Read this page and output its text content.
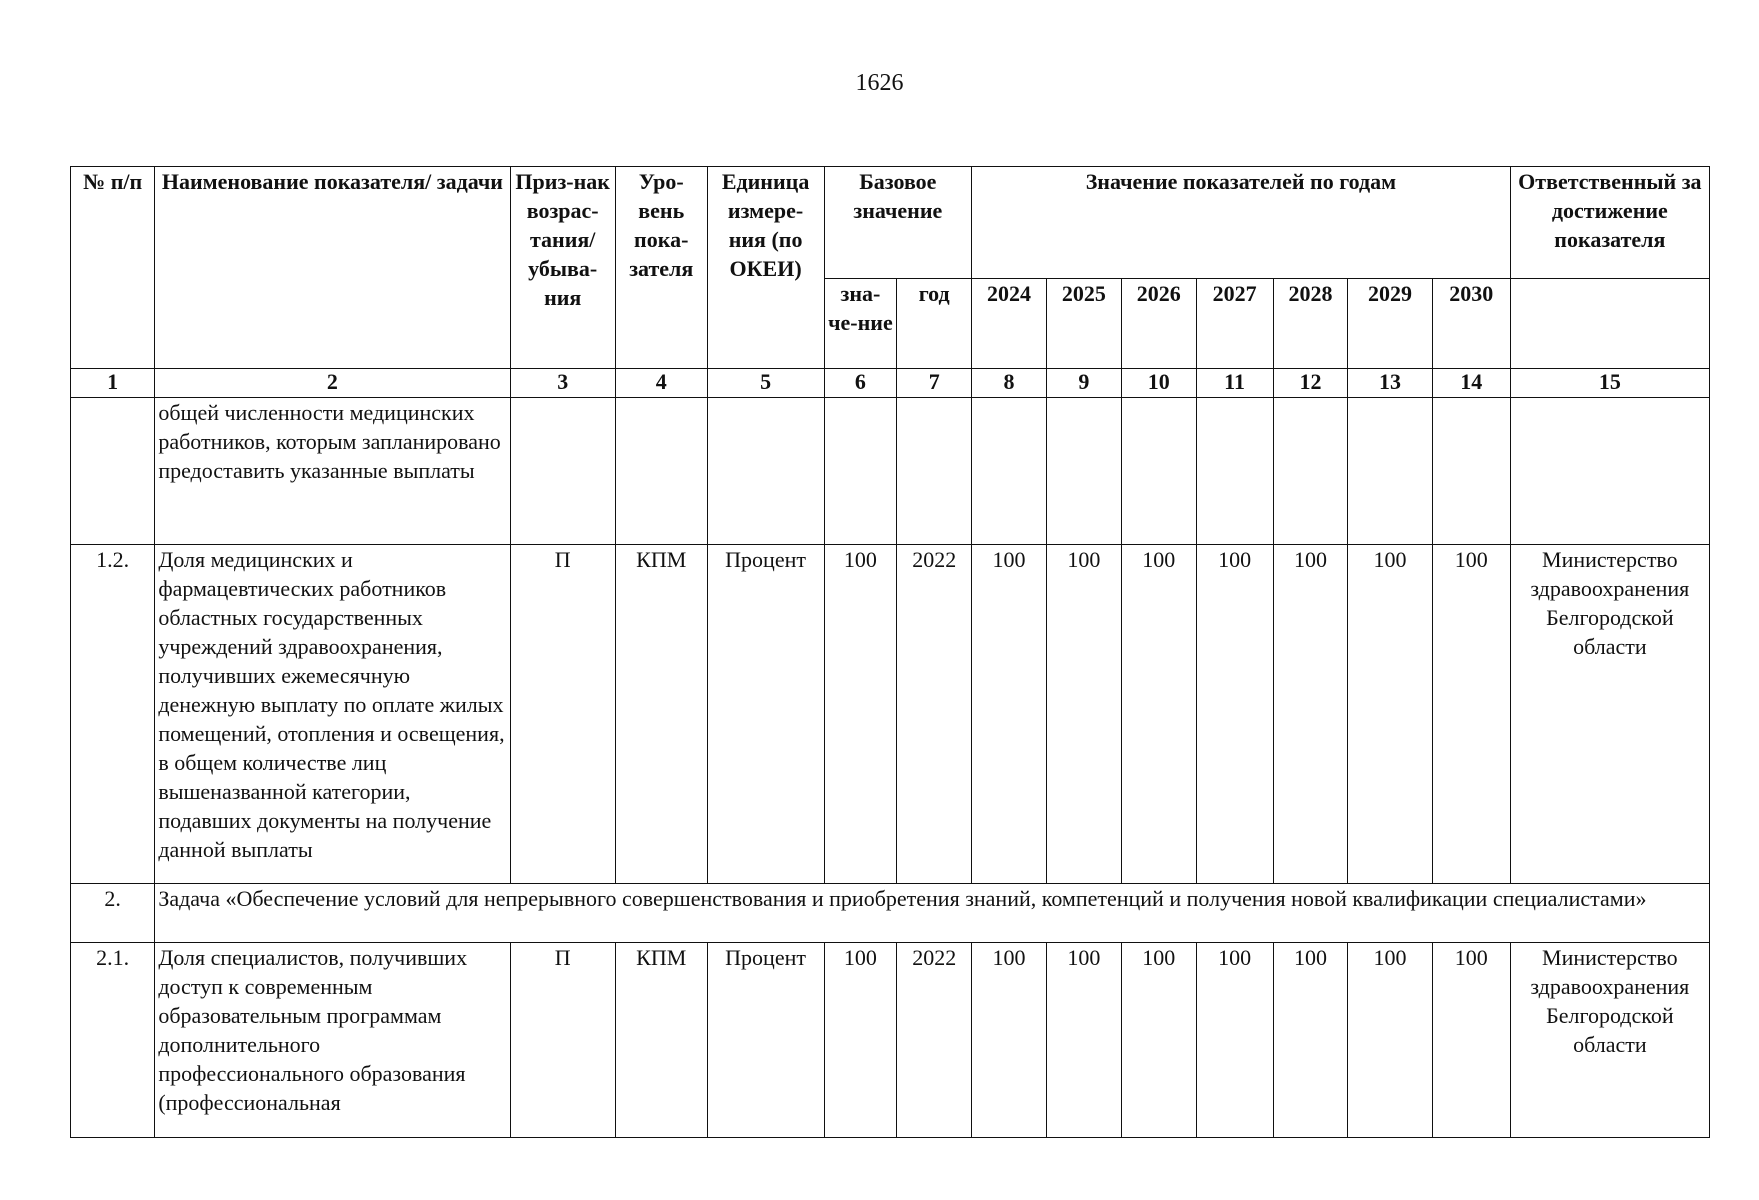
1626
№ п/п	Наименование показателя/ задачи	Приз-нак возрас-тания/ убыва-ния	Уро-вень пока-зателя	Единица измере-ния (по ОКЕИ)	Базовое значение		Значение показателей по годам							Ответственный за достижение показателя
					зна-че-ние	год	2024	2025	2026	2027	2028	2029	2030	
1	2	3	4	5	6	7	8	9	10	11	12	13	14	15
	общей численности медицинских работников, которым запланировано предоставить указанные выплаты													
1.2.	Доля медицинских и фармацевтических работников областных государственных учреждений здравоохранения, получивших ежемесячную денежную выплату по оплате жилых помещений, отопления и освещения, в общем количестве лиц вышеназванной категории, подавших документы на получение данной выплаты	П	КПМ	Процент	100	2022	100	100	100	100	100	100	100	Министерство здравоохранения Белгородской области
2.	Задача «Обеспечение условий для непрерывного совершенствования и приобретения знаний, компетенций и получения новой квалификации специалистами»													
2.1.	Доля специалистов, получивших доступ к современным образовательным программам дополнительного профессионального образования (профессиональная	П	КПМ	Процент	100	2022	100	100	100	100	100	100	100	Министерство здравоохранения Белгородской области
